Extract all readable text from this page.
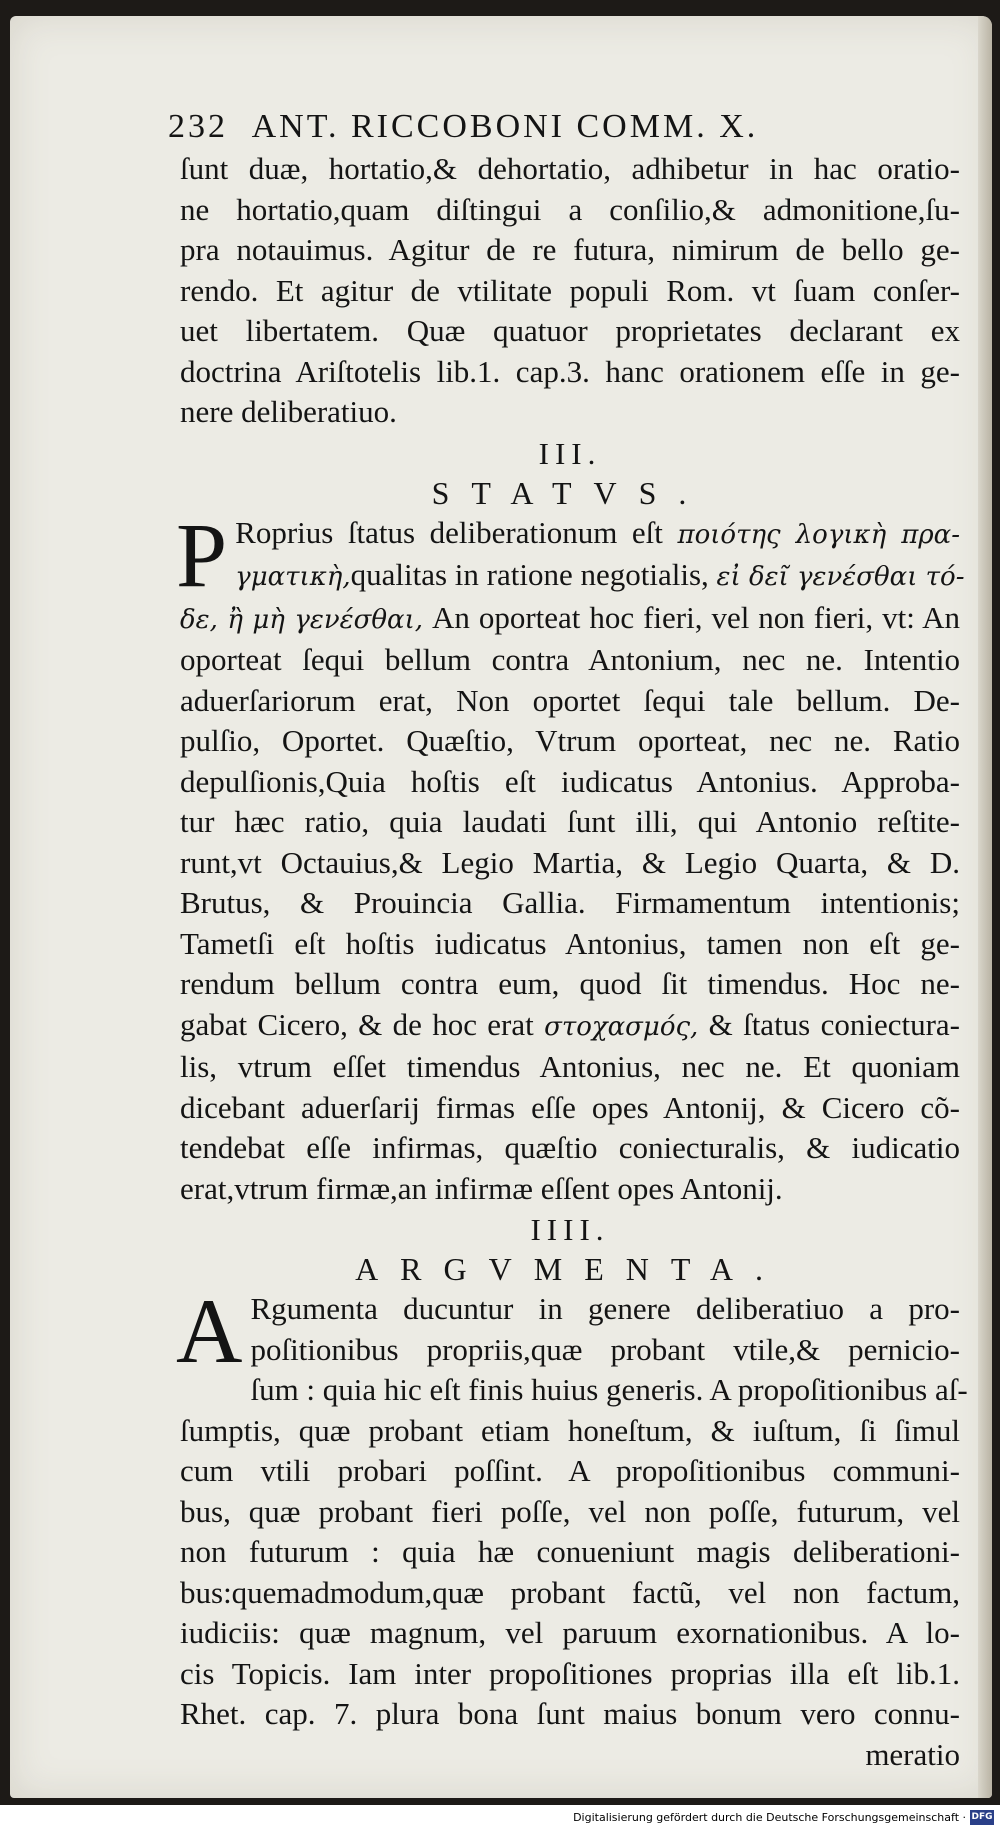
232 ANT. RICCOBONI COMM. X.

ſunt duæ, hortatio,& dehortatio, adhibetur in hac oratio-
ne hortatio,quam diſtingui a conſilio,& admonitione,ſu-
pra notauimus. Agitur de re futura, nimirum de bello ge-
rendo. Et agitur de vtilitate populi Rom. vt ſuam conſer-
uet libertatem. Quæ quatuor proprietates declarant ex
doctrina Ariſtotelis lib.1. cap.3. hanc orationem eſſe in ge-
nere deliberatiuo.

III.
STATVS.
P Roprius ſtatus deliberationum eſt ποιότης λογικὴ πρα-
γματικὴ,qualitas in ratione negotialis, εἰ δεῖ γενέσθαι τό-
δε, ἢ μὴ γενέσθαι, An oporteat hoc fieri, vel non fieri, vt: An
oporteat ſequi bellum contra Antonium, nec ne. Intentio
aduerſariorum erat, Non oportet ſequi tale bellum. De-
pulſio, Oportet. Quæſtio, Vtrum oporteat, nec ne. Ratio
depulſionis,Quia hoſtis eſt iudicatus Antonius. Approba-
tur hæc ratio, quia laudati ſunt illi, qui Antonio reſtite-
runt,vt Octauius,& Legio Martia, & Legio Quarta, & D.
Brutus, & Prouincia Gallia. Firmamentum intentionis;
Tametſi eſt hoſtis iudicatus Antonius, tamen non eſt ge-
rendum bellum contra eum, quod ſit timendus. Hoc ne-
gabat Cicero, & de hoc erat στοχασμός, & ſtatus coniectura-
lis, vtrum eſſet timendus Antonius, nec ne. Et quoniam
dicebant aduerſarij firmas eſſe opes Antonij, & Cicero cõ-
tendebat eſſe infirmas, quæſtio coniecturalis, & iudicatio
erat,vtrum firmæ,an infirmæ eſſent opes Antonij.

IIII.
ARGVMENTA.
A Rgumenta ducuntur in genere deliberatiuo a pro-
poſitionibus propriis,quæ probant vtile,& pernicio-
ſum : quia hic eſt finis huius generis. A propoſitionibus aſ-
ſumptis, quæ probant etiam honeſtum, & iuſtum, ſi ſimul
cum vtili probari poſſint. A propoſitionibus communi-
bus, quæ probant fieri poſſe, vel non poſſe, futurum, vel
non futurum : quia hæ conueniunt magis deliberationi-
bus:quemadmodum,quæ probant factũ, vel non factum,
iudiciis: quæ magnum, vel paruum exornationibus. A lo-
cis Topicis. Iam inter propoſitiones proprias illa eſt lib.1.
Rhet. cap. 7. plura bona ſunt maius bonum vero connu-

meratio
Digitalisierung gefördert durch die Deutsche Forschungsgemeinschaft · DFG
